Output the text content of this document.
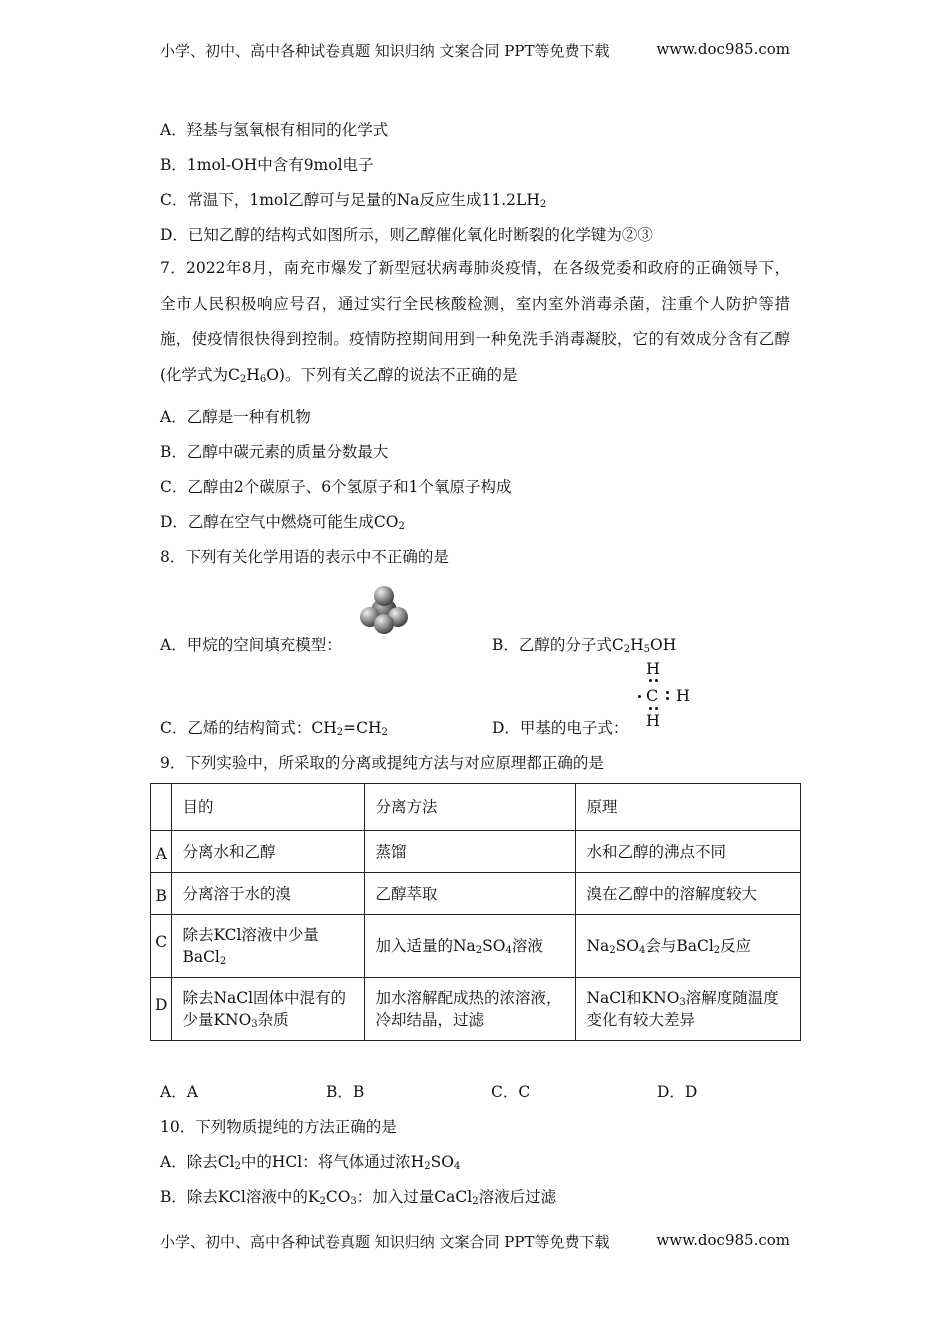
小学、初中、高中各种试卷真题 知识归纳 文案合同 PPT等免费下载	www.doc985.com
A．羟基与氢氧根有相同的化学式
B．1mol-OH中含有9mol电子
C．常温下，1mol乙醇可与足量的Na反应生成$11.2LH_2$
D．已知乙醇的结构式如图所示，则乙醇催化氧化时断裂的化学键为②③
7．2022年8月，南充市爆发了新型冠状病毒肺炎疫情，在各级党委和政府的正确领导下，全市人民积极响应号召，通过实行全民核酸检测，室内室外消毒杀菌，注重个人防护等措施，使疫情很快得到控制。疫情防控期间用到一种免洗手消毒凝胶，它的有效成分含有乙醇(化学式为$C_2H_6O$)。下列有关乙醇的说法不正确的是
A．乙醇是一种有机物
B．乙醇中碳元素的质量分数最大
C．乙醇由2个碳原子、6个氢原子和1个氧原子构成
D．乙醇在空气中燃烧可能生成$CO_2$
8．下列有关化学用语的表示中不正确的是
A．甲烷的空间填充模型：	B．乙醇的分子式$C_2H_5OH$
C．乙烯的结构简式：$CH_2=CH_2$	D．甲基的电子式：
H
C H
H
9．下列实验中，所采取的分离或提纯方法与对应原理都正确的是
	目的	分离方法	原理
A	分离水和乙醇	蒸馏	水和乙醇的沸点不同
B	分离溶于水的溴	乙醇萃取	溴在乙醇中的溶解度较大
C	除去KCl溶液中少量BaCl$_2$	加入适量的$Na_2SO_4$溶液	$Na_2SO_4$会与BaCl$_2$反应
D	除去NaCl固体中混有的少量$KNO_3$杂质	加水溶解配成热的浓溶液，冷却结晶，过滤	NaCl和$KNO_3$溶解度随温度变化有较大差异
A．A	B．B	C．C	D．D
10．下列物质提纯的方法正确的是
A．除去$Cl_2$中的HCl：将气体通过浓$H_2SO_4$
B．除去KCl溶液中的$K_2CO_3$：加入过量CaCl$_2$溶液后过滤
小学、初中、高中各种试卷真题 知识归纳 文案合同 PPT等免费下载	www.doc985.com
